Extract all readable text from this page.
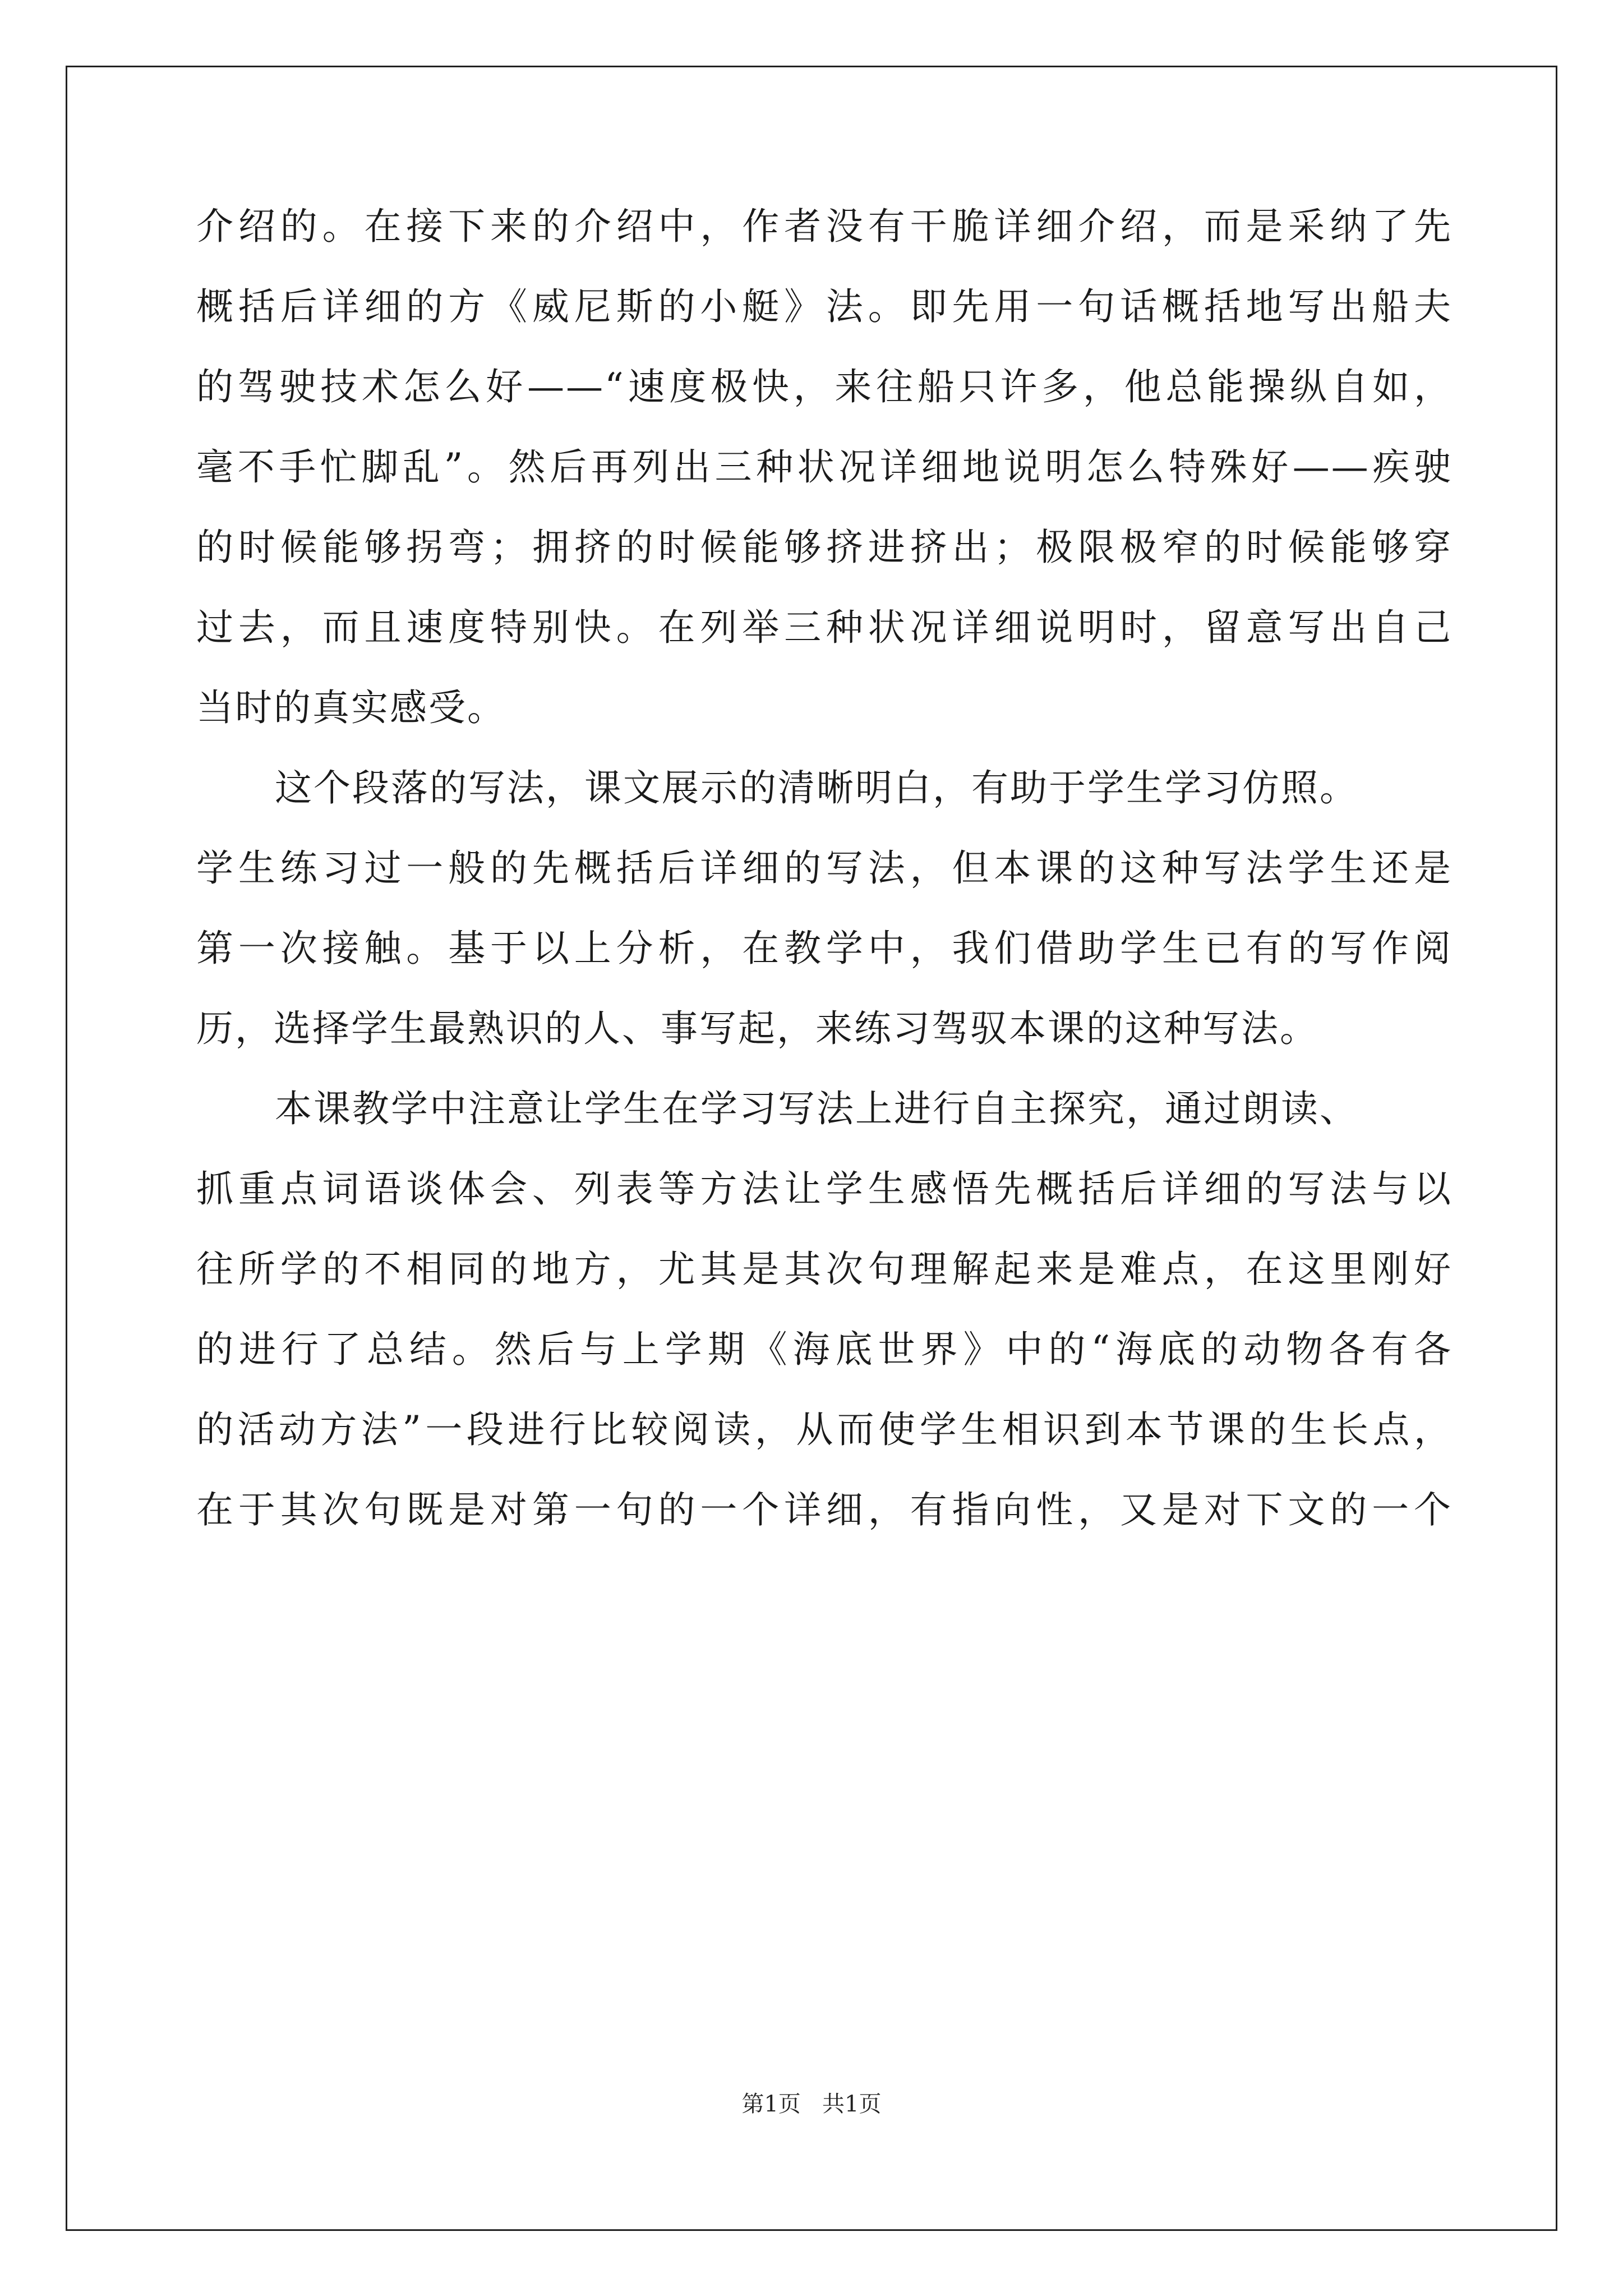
介绍的。在接下来的介绍中，作者没有干脆详细介绍，而是采纳了先
概括后详细的方《威尼斯的小艇》法。即先用一句话概括地写出船夫
的驾驶技术怎么好——“速度极快，来往船只许多，他总能操纵自如，
毫不手忙脚乱”。然后再列出三种状况详细地说明怎么特殊好——疾驶
的时候能够拐弯；拥挤的时候能够挤进挤出；极限极窄的时候能够穿
过去，而且速度特别快。在列举三种状况详细说明时，留意写出自己
当时的真实感受。
这个段落的写法，课文展示的清晰明白，有助于学生学习仿照。
学生练习过一般的先概括后详细的写法，但本课的这种写法学生还是
第一次接触。基于以上分析，在教学中，我们借助学生已有的写作阅
历，选择学生最熟识的人、事写起，来练习驾驭本课的这种写法。
本课教学中注意让学生在学习写法上进行自主探究，通过朗读、
抓重点词语谈体会、列表等方法让学生感悟先概括后详细的写法与以
往所学的不相同的地方，尤其是其次句理解起来是难点，在这里刚好
的进行了总结。然后与上学期《海底世界》中的“海底的动物各有各
的活动方法”一段进行比较阅读，从而使学生相识到本节课的生长点，
在于其次句既是对第一句的一个详细，有指向性，又是对下文的一个
第1页   共1页
